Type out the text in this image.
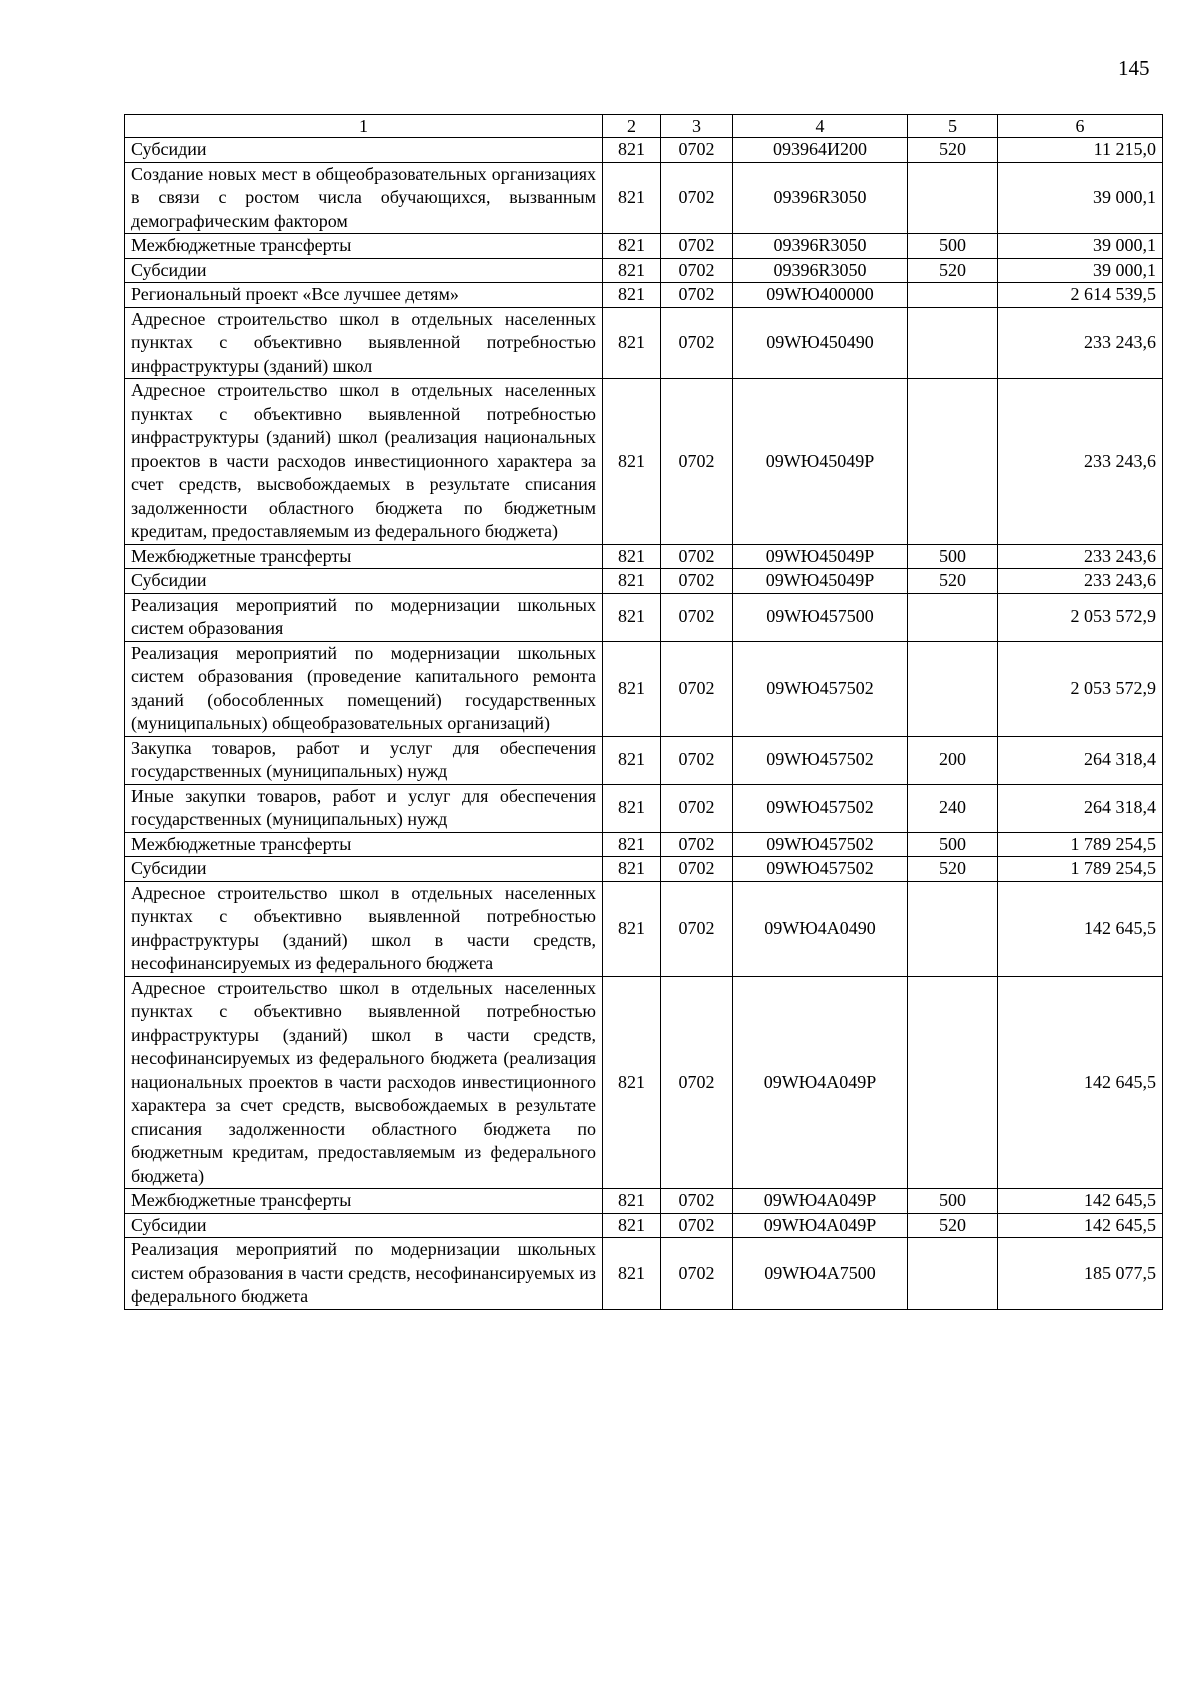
145
1	2	3	4	5	6
Субсидии	821	0702	093964И200	520	11 215,0
Создание новых мест в общеобразовательных организациях в связи с ростом числа обучающихся, вызванным демографическим фактором	821	0702	09396R3050		39 000,1
Межбюджетные трансферты	821	0702	09396R3050	500	39 000,1
Субсидии	821	0702	09396R3050	520	39 000,1
Региональный проект «Все лучшее детям»	821	0702	09WЮ400000		2 614 539,5
Адресное строительство школ в отдельных населенных пунктах с объективно выявленной потребностью инфраструктуры (зданий) школ	821	0702	09WЮ450490		233 243,6
Адресное строительство школ в отдельных населенных пунктах с объективно выявленной потребностью инфраструктуры (зданий) школ (реализация национальных проектов в части расходов инвестиционного характера за счет средств, высвобождаемых в результате списания задолженности областного бюджета по бюджетным кредитам, предоставляемым из федерального бюджета)	821	0702	09WЮ45049Р		233 243,6
Межбюджетные трансферты	821	0702	09WЮ45049Р	500	233 243,6
Субсидии	821	0702	09WЮ45049Р	520	233 243,6
Реализация мероприятий по модернизации школьных систем образования	821	0702	09WЮ457500		2 053 572,9
Реализация мероприятий по модернизации школьных систем образования (проведение капитального ремонта зданий (обособленных помещений) государственных (муниципальных) общеобразовательных организаций)	821	0702	09WЮ457502		2 053 572,9
Закупка товаров, работ и услуг для обеспечения государственных (муниципальных) нужд	821	0702	09WЮ457502	200	264 318,4
Иные закупки товаров, работ и услуг для обеспечения государственных (муниципальных) нужд	821	0702	09WЮ457502	240	264 318,4
Межбюджетные трансферты	821	0702	09WЮ457502	500	1 789 254,5
Субсидии	821	0702	09WЮ457502	520	1 789 254,5
Адресное строительство школ в отдельных населенных пунктах с объективно выявленной потребностью инфраструктуры (зданий) школ в части средств, несофинансируемых из федерального бюджета	821	0702	09WЮ4А0490		142 645,5
Адресное строительство школ в отдельных населенных пунктах с объективно выявленной потребностью инфраструктуры (зданий) школ в части средств, несофинансируемых из федерального бюджета (реализация национальных проектов в части расходов инвестиционного характера за счет средств, высвобождаемых в результате списания задолженности областного бюджета по бюджетным кредитам, предоставляемым из федерального бюджета)	821	0702	09WЮ4А049Р		142 645,5
Межбюджетные трансферты	821	0702	09WЮ4А049Р	500	142 645,5
Субсидии	821	0702	09WЮ4А049Р	520	142 645,5
Реализация мероприятий по модернизации школьных систем образования в части средств, несофинансируемых из федерального бюджета	821	0702	09WЮ4А7500		185 077,5
